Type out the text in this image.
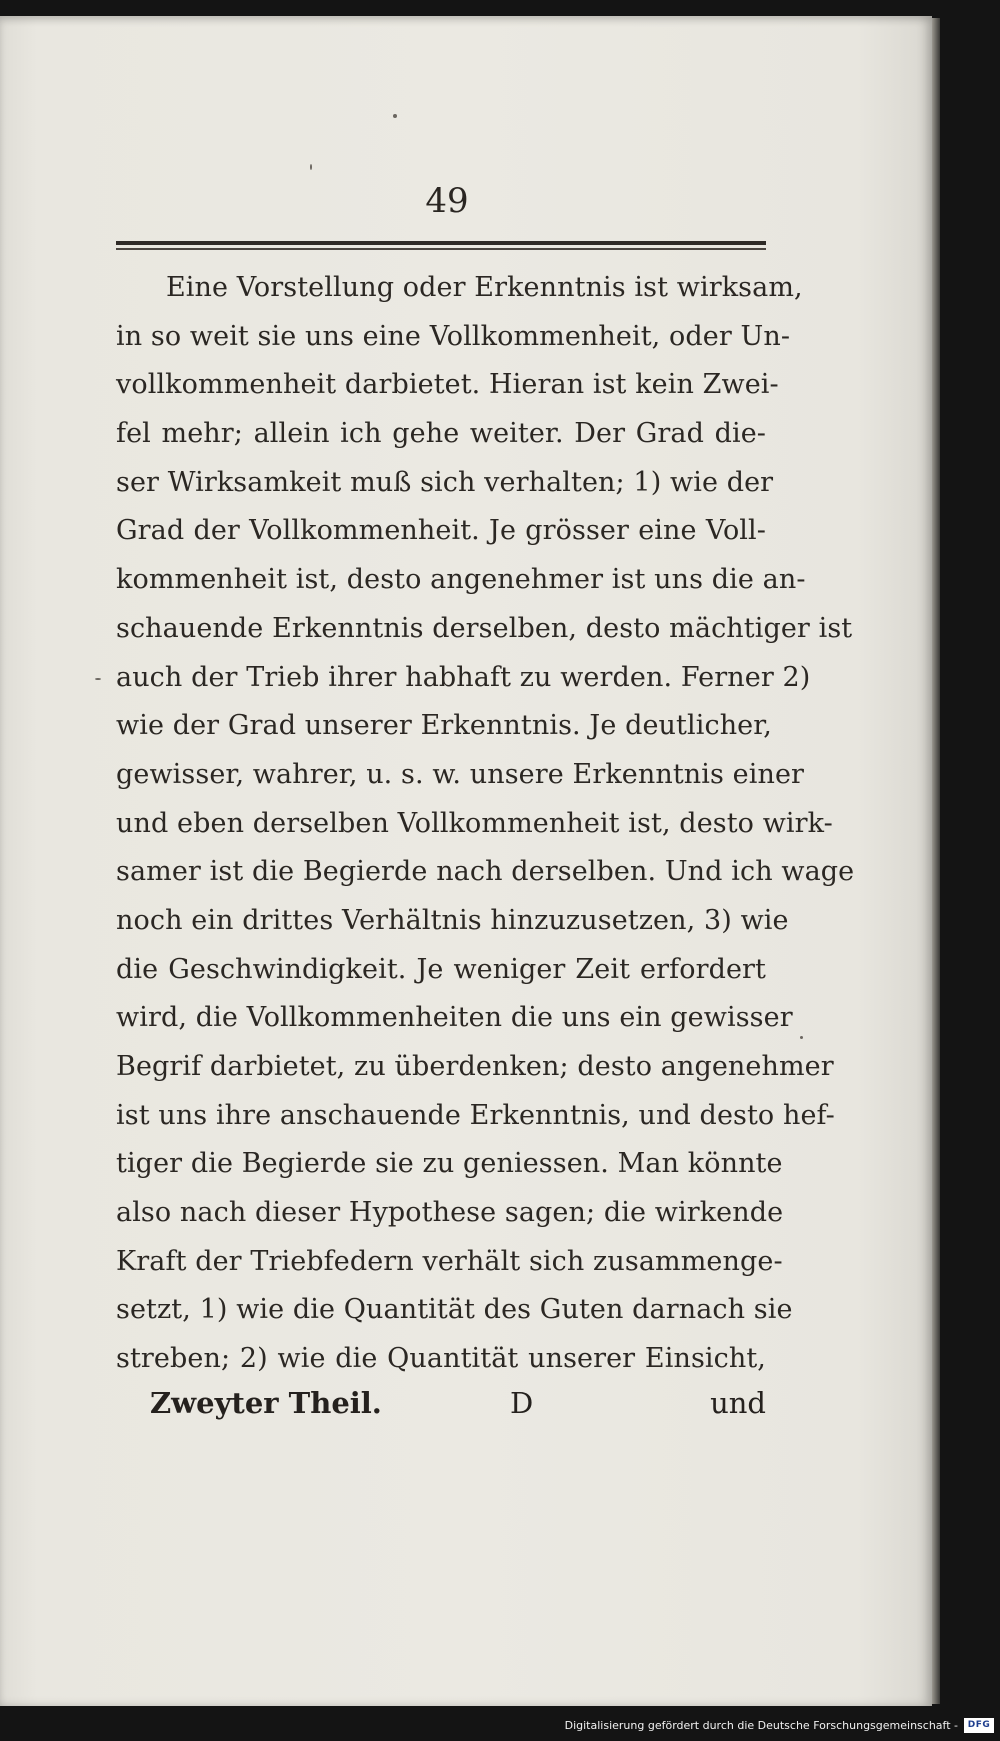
49
Eine Vorstellung oder Erkenntnis ist wirksam,
in so weit sie uns eine Vollkommenheit, oder Un-
vollkommenheit darbietet. Hieran ist kein Zwei-
fel mehr; allein ich gehe weiter. Der Grad die-
ser Wirksamkeit muß sich verhalten; 1) wie der
Grad der Vollkommenheit. Je grösser eine Voll-
kommenheit ist, desto angenehmer ist uns die an-
schauende Erkenntnis derselben, desto mächtiger ist
auch der Trieb ihrer habhaft zu werden. Ferner 2)
wie der Grad unserer Erkenntnis. Je deutlicher,
gewisser, wahrer, u. s. w. unsere Erkenntnis einer
und eben derselben Vollkommenheit ist, desto wirk-
samer ist die Begierde nach derselben. Und ich wage
noch ein drittes Verhältnis hinzuzusetzen, 3) wie
die Geschwindigkeit. Je weniger Zeit erfordert
wird, die Vollkommenheiten die uns ein gewisser
Begrif darbietet, zu überdenken; desto angenehmer
ist uns ihre anschauende Erkenntnis, und desto hef-
tiger die Begierde sie zu geniessen. Man könnte
also nach dieser Hypothese sagen; die wirkende
Kraft der Triebfedern verhält sich zusammenge-
setzt, 1) wie die Quantität des Guten darnach sie
streben; 2) wie die Quantität unserer Einsicht,
Zweyter Theil.	D	und
Digitalisierung gefördert durch die Deutsche Forschungsgemeinschaft -	DFG
